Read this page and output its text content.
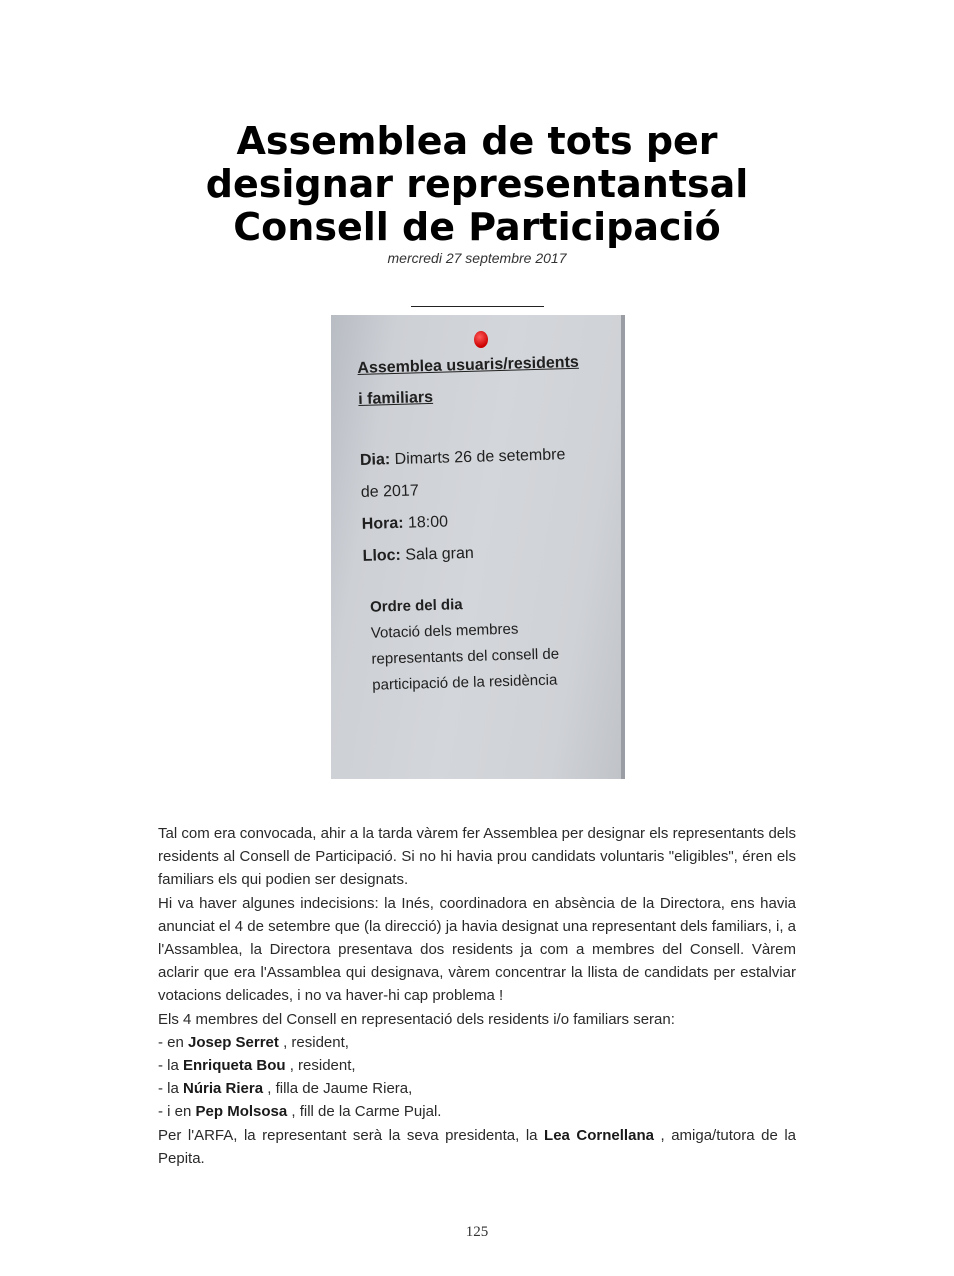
Assemblea de tots per
designar representantsal
Consell de Participació
mercredi 27 septembre 2017
Assemblea usuaris/residents
i familiars
Dia: Dimarts 26 de setembre
de 2017
Hora: 18:00
Lloc: Sala gran
Ordre del dia
Votació dels membres
representants del consell de
participació de la residència

Tal com era convocada, ahir a la tarda vàrem fer Assemblea per designar els representants dels residents al Consell de Participació. Si no hi havia prou candidats voluntaris "eligibles", éren els familiars els qui podien ser designats.

Hi va haver algunes indecisions: la Inés, coordinadora en absència de la Directora, ens havia anunciat el 4 de setembre que (la direcció) ja havia designat una representant dels familiars, i, a l'Assamblea, la Directora presentava dos residents ja com a membres del Consell. Vàrem aclarir que era l'Assamblea qui designava, vàrem concentrar la llista de candidats per estalviar votacions delicades, i no va haver-hi cap problema !

Els 4 membres del Consell en representació dels residents i/o familiars seran:

- en Josep Serret , resident,

- la Enriqueta Bou , resident,

- la Núria Riera , filla de Jaume Riera,

- i en Pep Molsosa , fill de la Carme Pujal.

Per l'ARFA, la representant serà la seva presidenta, la Lea Cornellana , amiga/tutora de la Pepita.

125
